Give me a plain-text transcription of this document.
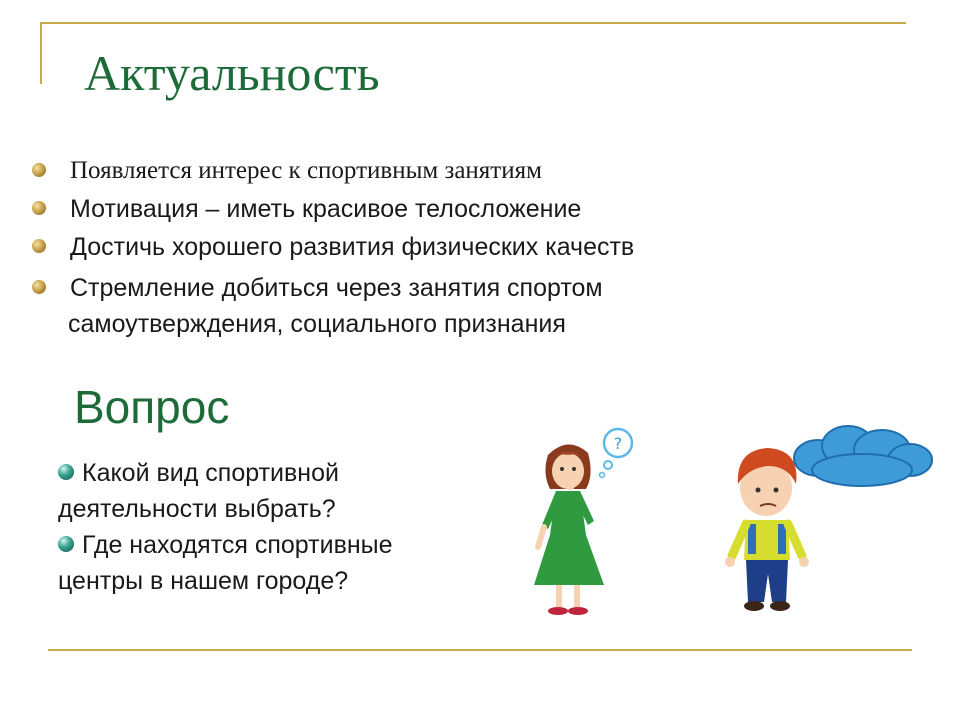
Актуальность
Появляется интерес к спортивным занятиям
Мотивация – иметь красивое телосложение
Достичь хорошего развития физических качеств
Стремление добиться через занятия спортом
самоутверждения, социального признания
Вопрос
Какой вид спортивной
деятельности выбрать?
Где находятся спортивные
центры в нашем городе?
?
